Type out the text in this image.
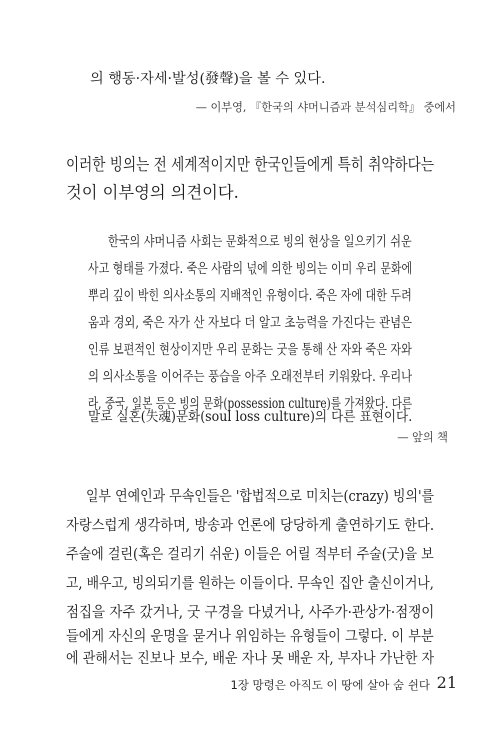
의 행동·자세·발성(發聲)을 볼 수 있다.
— 이부영, 『한국의 샤머니즘과 분석심리학』 중에서
이러한 빙의는 전 세계적이지만 한국인들에게 특히 취약하다는
것이 이부영의 의견이다.
한국의 샤머니즘 사회는 문화적으로 빙의 현상을 일으키기 쉬운
사고 형태를 가졌다. 죽은 사람의 넋에 의한 빙의는 이미 우리 문화에
뿌리 깊이 박힌 의사소통의 지배적인 유형이다. 죽은 자에 대한 두려
움과 경외, 죽은 자가 산 자보다 더 알고 초능력을 가진다는 관념은
인류 보편적인 현상이지만 우리 문화는 굿을 통해 산 자와 죽은 자와
의 의사소통을 이어주는 풍습을 아주 오래전부터 키워왔다. 우리나
라, 중국, 일본 등은 빙의 문화(possession culture)를 가져왔다. 다른
말로 실혼(失魂)문화(soul loss culture)의 다른 표현이다.
— 앞의 책
일부 연예인과 무속인들은 '합법적으로 미치는(crazy) 빙의'를
자랑스럽게 생각하며, 방송과 언론에 당당하게 출연하기도 한다.
주술에 걸린(혹은 걸리기 쉬운) 이들은 어릴 적부터 주술(굿)을 보
고, 배우고, 빙의되기를 원하는 이들이다. 무속인 집안 출신이거나,
점집을 자주 갔거나, 굿 구경을 다녔거나, 사주가·관상가·점쟁이
들에게 자신의 운명을 묻거나 위임하는 유형들이 그렇다. 이 부분
에 관해서는 진보나 보수, 배운 자나 못 배운 자, 부자나 가난한 자
1장 망령은 아직도 이 땅에 살아 숨 쉰다 21
